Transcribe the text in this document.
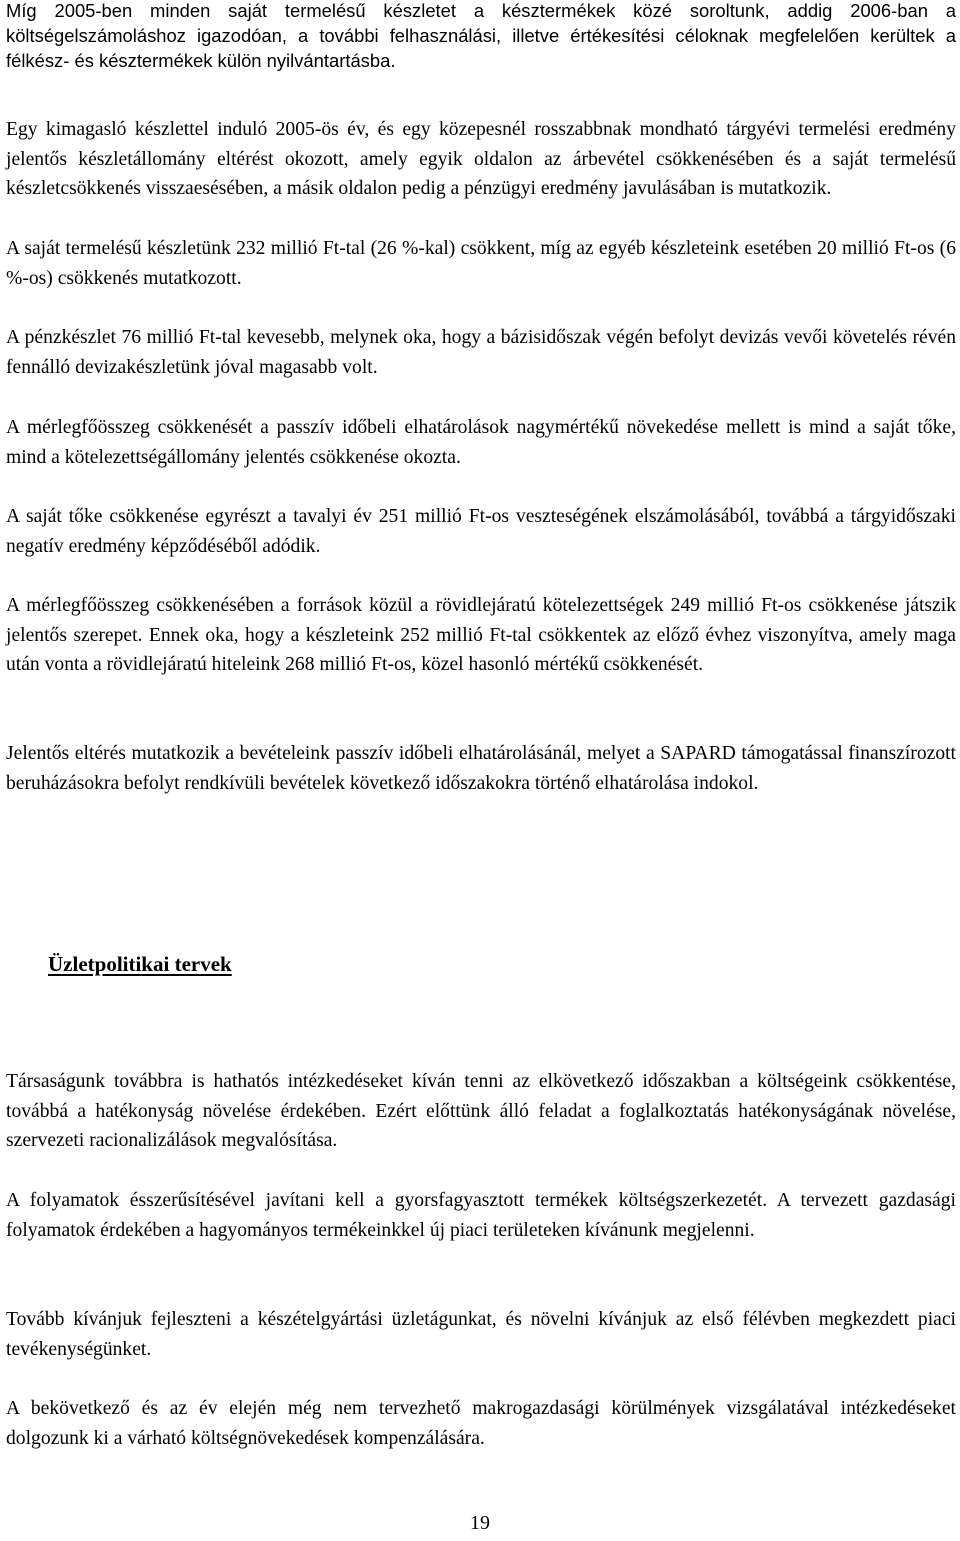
Míg 2005-ben minden saját termelésű készletet a késztermékek közé soroltunk, addig 2006-ban a költségelszámoláshoz igazodóan, a további felhasználási, illetve értékesítési céloknak megfelelően kerültek a félkész- és késztermékek külön nyilvántartásba.

Egy kimagasló készlettel induló 2005-ös év, és egy közepesnél rosszabbnak mondható tárgyévi termelési eredmény jelentős készletállomány eltérést okozott, amely egyik oldalon az árbevétel csökkenésében és a saját termelésű készletcsökkenés visszaesésében, a másik oldalon pedig a pénzügyi eredmény javulásában is mutatkozik.

A saját termelésű készletünk 232 millió Ft-tal (26 %-kal) csökkent, míg az egyéb készleteink esetében 20 millió Ft-os (6 %-os) csökkenés mutatkozott.

A pénzkészlet 76 millió Ft-tal kevesebb, melynek oka, hogy a bázisidőszak végén befolyt devizás vevői követelés révén fennálló devizakészletünk jóval magasabb volt.

A mérlegfőösszeg csökkenését a passzív időbeli elhatárolások nagymértékű növekedése mellett is mind a saját tőke, mind a kötelezettségállomány jelentés csökkenése okozta.

A saját tőke csökkenése egyrészt a tavalyi év 251 millió Ft-os veszteségének elszámolásából, továbbá a tárgyidőszaki negatív eredmény képződéséből adódik.

A mérlegfőösszeg csökkenésében a források közül a rövidlejáratú kötelezettségek 249 millió Ft-os csökkenése játszik jelentős szerepet. Ennek oka, hogy a készleteink 252 millió Ft-tal csökkentek az előző évhez viszonyítva, amely maga után vonta a rövidlejáratú hiteleink 268 millió Ft-os, közel hasonló mértékű csökkenését.

Jelentős eltérés mutatkozik a bevételeink passzív időbeli elhatárolásánál, melyet a SAPARD támogatással finanszírozott beruházásokra befolyt rendkívüli bevételek következő időszakokra történő elhatárolása indokol.

Üzletpolitikai tervek

Társaságunk továbbra is hathatós intézkedéseket kíván tenni az elkövetkező időszakban a költségeink csökkentése, továbbá a hatékonyság növelése érdekében. Ezért előttünk álló feladat a foglalkoztatás hatékonyságának növelése, szervezeti racionalizálások megvalósítása.

A folyamatok ésszerűsítésével javítani kell a gyorsfagyasztott termékek költségszerkezetét. A tervezett gazdasági folyamatok érdekében a hagyományos termékeinkkel új piaci területeken kívánunk megjelenni.

Tovább kívánjuk fejleszteni a készételgyártási üzletágunkat, és növelni kívánjuk az első félévben megkezdett piaci tevékenységünket.

A bekövetkező és az év elején még nem tervezhető makrogazdasági körülmények vizsgálatával intézkedéseket dolgozunk ki a várható költségnövekedések kompenzálására.

19
